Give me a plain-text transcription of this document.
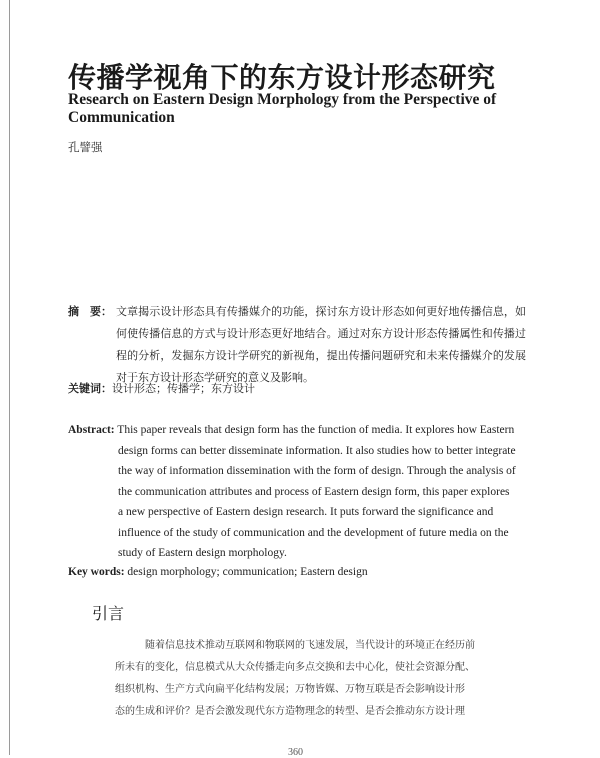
传播学视角下的东方设计形态研究
Research on Eastern Design Morphology from the Perspective of Communication
孔譬强
摘　要： 文章揭示设计形态具有传播媒介的功能，探讨东方设计形态如何更好地传播信息，如何使传播信息的方式与设计形态更好地结合。通过对东方设计形态传播属性和传播过程的分析，发掘东方设计学研究的新视角，提出传播问题研究和未来传播媒介的发展对于东方设计形态学研究的意义及影响。
关键词：设计形态；传播学；东方设计
Abstract: This paper reveals that design form has the function of media. It explores how Eastern
design forms can better disseminate information. It also studies how to better integrate
the way of information dissemination with the form of design. Through the analysis of
the communication attributes and process of Eastern design form, this paper explores
a new perspective of Eastern design research. It puts forward the significance and
influence of the study of communication and the development of future media on the
study of Eastern design morphology.
Key words: design morphology; communication; Eastern design
引言
随着信息技术推动互联网和物联网的飞速发展，当代设计的环境正在经历前
所未有的变化，信息模式从大众传播走向多点交换和去中心化，使社会资源分配、
组织机构、生产方式向扁平化结构发展；万物皆媒、万物互联是否会影响设计形
态的生成和评价？是否会激发现代东方造物理念的转型、是否会推动东方设计理
360
